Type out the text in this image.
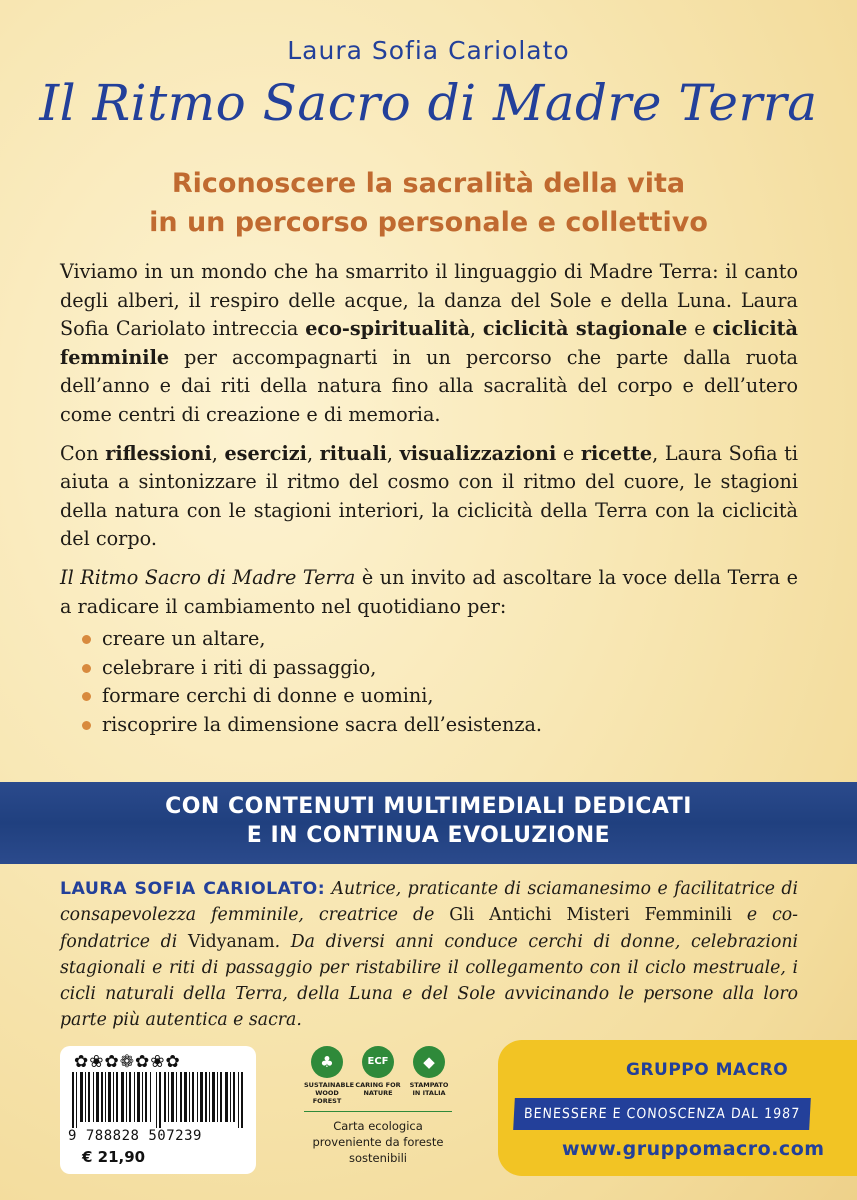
Laura Sofia Cariolato
Il Ritmo Sacro di Madre Terra
Riconoscere la sacralità della vita
in un percorso personale e collettivo

Viviamo in un mondo che ha smarrito il linguaggio di Madre Terra: il canto degli alberi, il respiro delle acque, la danza del Sole e della Luna. Laura Sofia Cariolato intreccia eco-spiritualità, ciclicità stagionale e ciclicità femminile per accompagnarti in un percorso che parte dalla ruota dell’anno e dai riti della natura fino alla sacralità del corpo e dell’utero come centri di creazione e di memoria.

Con riflessioni, esercizi, rituali, visualizzazioni e ricette, Laura Sofia ti aiuta a sintonizzare il ritmo del cosmo con il ritmo del cuore, le stagioni della natura con le stagioni interiori, la ciclicità della Terra con la ciclicità del corpo.

Il Ritmo Sacro di Madre Terra è un invito ad ascoltare la voce della Terra e a radicare il cambiamento nel quotidiano per:

creare un altare,
celebrare i riti di passaggio,
formare cerchi di donne e uomini,
riscoprire la dimensione sacra dell’esistenza.
CON CONTENUTI MULTIMEDIALI DEDICATI
E IN CONTINUA EVOLUZIONE
LAURA SOFIA CARIOLATO: Autrice, praticante di sciamanesimo e facilitatrice di consapevolezza femminile, creatrice de Gli Antichi Misteri Femminili e co-fondatrice di Vidyanam. Da diversi anni conduce cerchi di donne, celebrazioni stagionali e riti di passaggio per ristabilire il collegamento con il ciclo mestruale, i cicli naturali della Terra, della Luna e del Sole avvicinando le persone alla loro parte più autentica e sacra.
✿❀✿❁✿❀✿
9 788828 507239
€ 21,90
♣
SUSTAINABLE WOOD FOREST
ECF
CARING FOR NATURE
◆
STAMPATO IN ITALIA
Carta ecologica proveniente da foreste sostenibili
GRUPPO MACRO
BENESSERE E CONOSCENZA DAL 1987
www.gruppomacro.com
